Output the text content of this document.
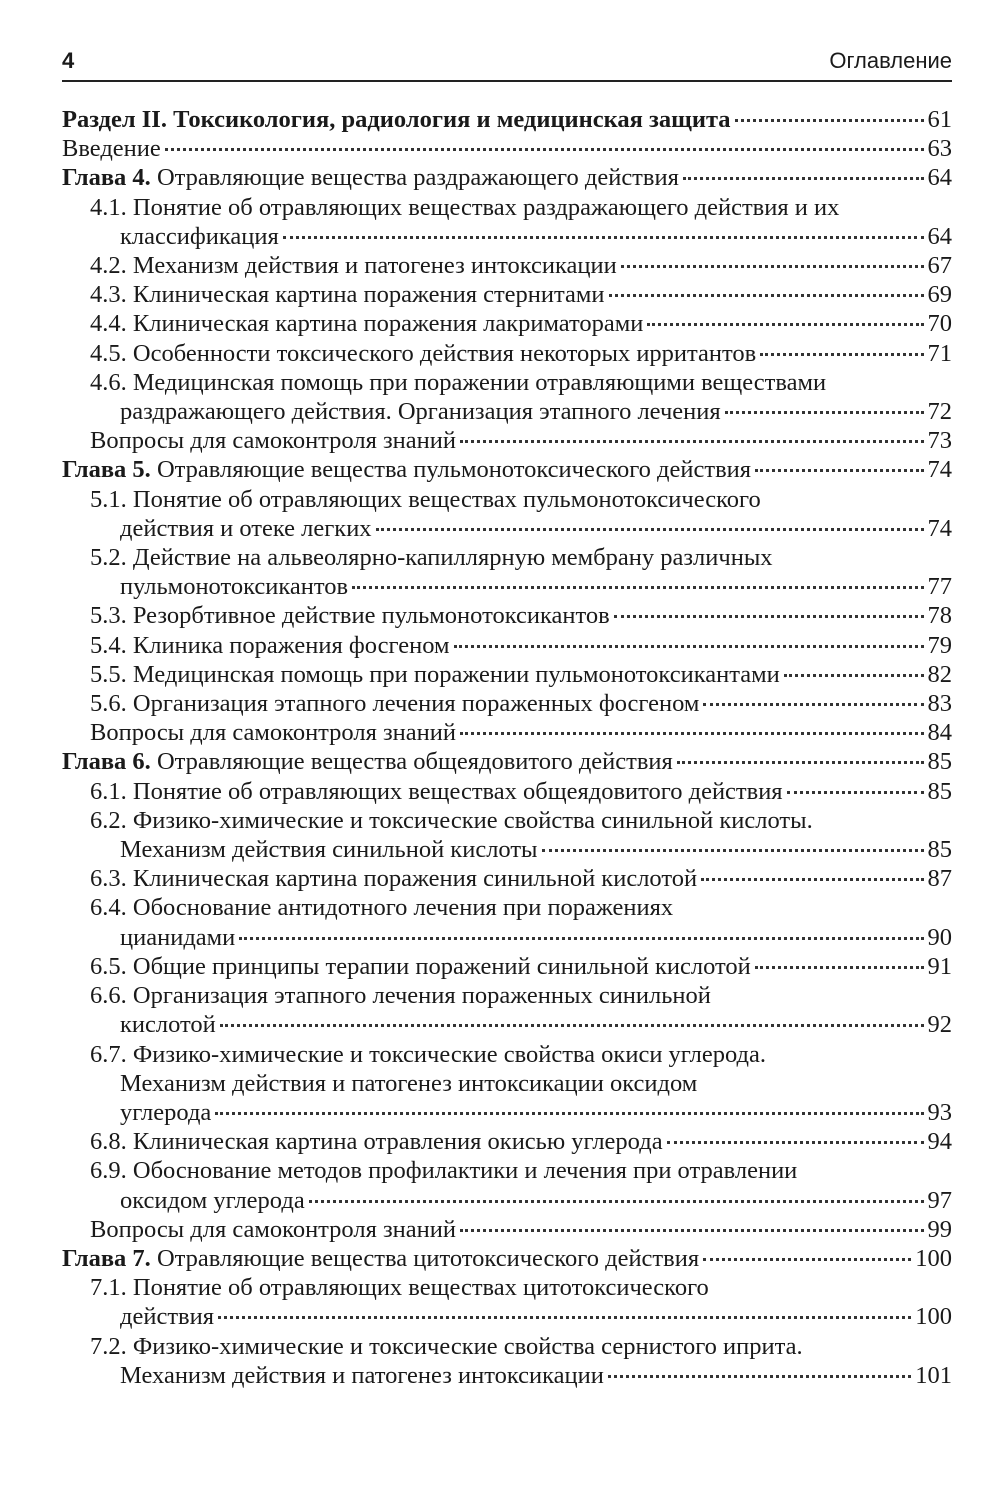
4	Оглавление
Раздел II. Токсикология, радиология и медицинская защита	61
Введение	63
Глава 4. Отравляющие вещества раздражающего действия	64
4.1. Понятие об отравляющих веществах раздражающего действия и их
классификация	64
4.2. Механизм действия и патогенез интоксикации	67
4.3. Клиническая картина поражения стернитами	69
4.4. Клиническая картина поражения лакриматорами	70
4.5. Особенности токсического действия некоторых ирритантов	71
4.6. Медицинская помощь при поражении отравляющими веществами
раздражающего действия. Организация этапного лечения	72
Вопросы для самоконтроля знаний	73
Глава 5. Отравляющие вещества пульмонотоксического действия	74
5.1. Понятие об отравляющих веществах пульмонотоксического
действия и отеке легких	74
5.2. Действие на альвеолярно-капиллярную мембрану различных
пульмонотоксикантов	77
5.3. Резорбтивное действие пульмонотоксикантов	78
5.4. Клиника поражения фосгеном	79
5.5. Медицинская помощь при поражении пульмонотоксикантами	82
5.6. Организация этапного лечения пораженных фосгеном	83
Вопросы для самоконтроля знаний	84
Глава 6. Отравляющие вещества общеядовитого действия	85
6.1. Понятие об отравляющих веществах общеядовитого действия	85
6.2. Физико-химические и токсические свойства синильной кислоты.
Механизм действия синильной кислоты	85
6.3. Клиническая картина поражения синильной кислотой	87
6.4. Обоснование антидотного лечения при поражениях
цианидами	90
6.5. Общие принципы терапии поражений синильной кислотой	91
6.6. Организация этапного лечения пораженных синильной
кислотой	92
6.7. Физико-химические и токсические свойства окиси углерода.
Механизм действия и патогенез интоксикации оксидом
углерода	93
6.8. Клиническая картина отравления окисью углерода	94
6.9. Обоснование методов профилактики и лечения при отравлении
оксидом углерода	97
Вопросы для самоконтроля знаний	99
Глава 7. Отравляющие вещества цитотоксического действия	100
7.1. Понятие об отравляющих веществах цитотоксического
действия	100
7.2. Физико-химические и токсические свойства сернистого иприта.
Механизм действия и патогенез интоксикации	101
